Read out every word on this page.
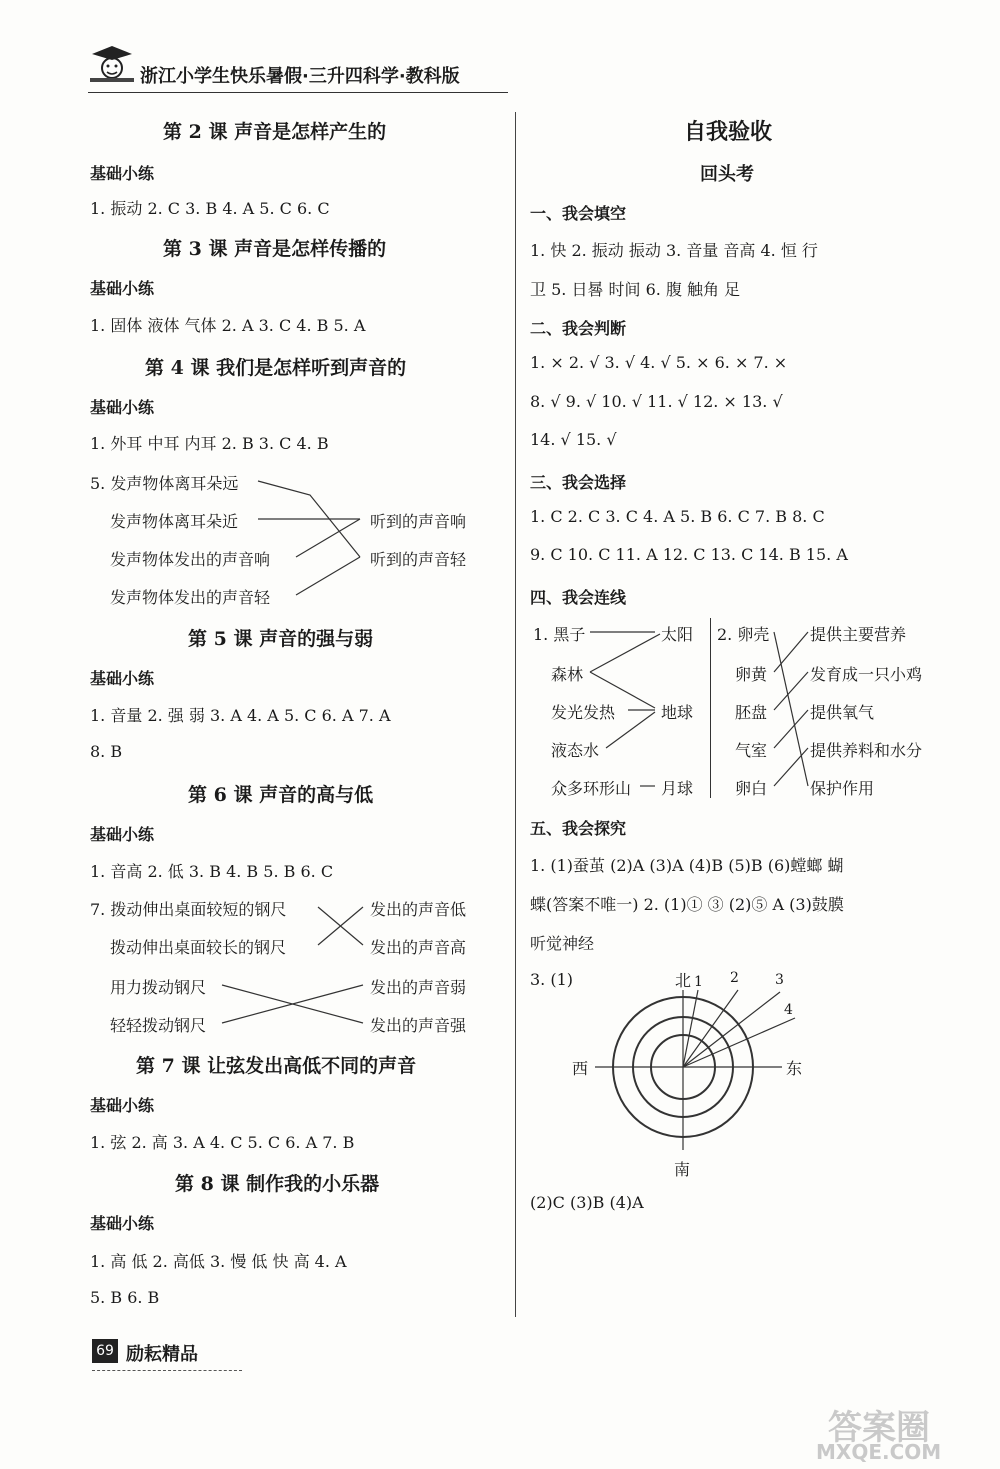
浙江小学生快乐暑假·三升四科学·教科版
第 2 课 声音是怎样产生的
基础小练
1. 振动 2. C 3. B 4. A 5. C 6. C
第 3 课 声音是怎样传播的
基础小练
1. 固体 液体 气体 2. A 3. C 4. B 5. A
第 4 课 我们是怎样听到声音的
基础小练
1. 外耳 中耳 内耳 2. B 3. C 4. B
5. 发声物体离耳朵远
发声物体离耳朵近
发声物体发出的声音响
发声物体发出的声音轻
听到的声音响
听到的声音轻
第 5 课 声音的强与弱
基础小练
1. 音量 2. 强 弱 3. A 4. A 5. C 6. A 7. A
8. B
第 6 课 声音的高与低
基础小练
1. 音高 2. 低 3. B 4. B 5. B 6. C
7. 拨动伸出桌面较短的钢尺
拨动伸出桌面较长的钢尺
用力拨动钢尺
轻轻拨动钢尺
发出的声音低
发出的声音高
发出的声音弱
发出的声音强
第 7 课 让弦发出高低不同的声音
基础小练
1. 弦 2. 高 3. A 4. C 5. C 6. A 7. B
第 8 课 制作我的小乐器
基础小练
1. 高 低 2. 高低 3. 慢 低 快 高 4. A
5. B 6. B
自我验收
回头考
一、我会填空
1. 快 2. 振动 振动 3. 音量 音高 4. 恒 行
卫 5. 日晷 时间 6. 腹 触角 足
二、我会判断
1. × 2. √ 3. √ 4. √ 5. × 6. × 7. ×
8. √ 9. √ 10. √ 11. √ 12. × 13. √
14. √ 15. √
三、我会选择
1. C 2. C 3. C 4. A 5. B 6. C 7. B 8. C
9. C 10. C 11. A 12. C 13. C 14. B 15. A
四、我会连线
1. 黑子
森林
发光发热
液态水
众多环形山
太阳
地球
月球
2. 卵壳
卵黄
胚盘
气室
卵白
提供主要营养
发育成一只小鸡
提供氧气
提供养料和水分
保护作用
五、我会探究
1. (1)蚕茧 (2)A (3)A (4)B (5)B (6)螳螂 蝴
蝶(答案不唯一) 2. (1)① ③ (2)⑤ A (3)鼓膜
听觉神经
3. (1)
(2)C (3)B (4)A
北
南
西	东
1 2	3
4
69 励耘精品
答案圈
MXQE.COM
